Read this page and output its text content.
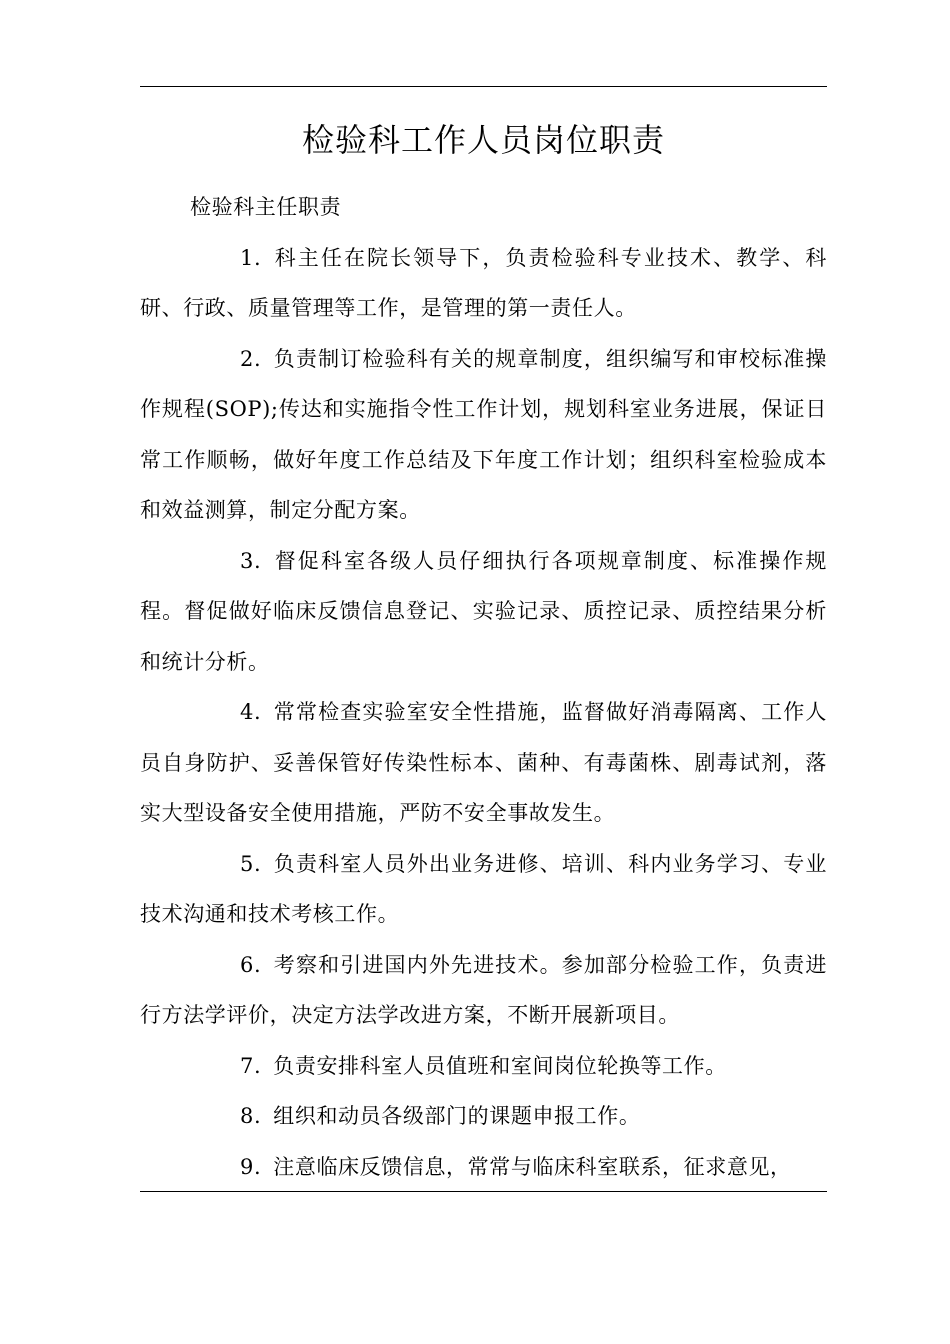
检验科工作人员岗位职责

检验科主任职责

1. 科主任在院长领导下，负责检验科专业技术、教学、科研、行政、质量管理等工作，是管理的第一责任人。

2. 负责制订检验科有关的规章制度，组织编写和审校标准操作规程(SOP);传达和实施指令性工作计划，规划科室业务进展，保证日常工作顺畅，做好年度工作总结及下年度工作计划；组织科室检验成本和效益测算，制定分配方案。

3. 督促科室各级人员仔细执行各项规章制度、标准操作规程。督促做好临床反馈信息登记、实验记录、质控记录、质控结果分析和统计分析。

4. 常常检查实验室安全性措施，监督做好消毒隔离、工作人员自身防护、妥善保管好传染性标本、菌种、有毒菌株、剧毒试剂，落实大型设备安全使用措施，严防不安全事故发生。

5. 负责科室人员外出业务进修、培训、科内业务学习、专业技术沟通和技术考核工作。

6. 考察和引进国内外先进技术。参加部分检验工作，负责进行方法学评价，决定方法学改进方案，不断开展新项目。

7. 负责安排科室人员值班和室间岗位轮换等工作。

8. 组织和动员各级部门的课题申报工作。

9. 注意临床反馈信息，常常与临床科室联系，征求意见，
